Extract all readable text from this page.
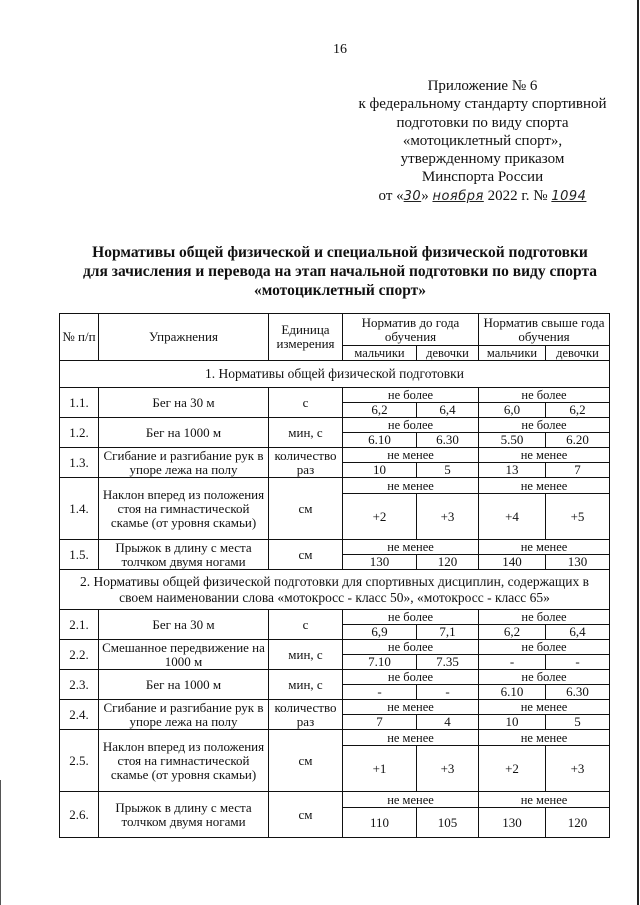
16
Приложение № 6
к федеральному стандарту спортивной
подготовки по виду спорта
«мотоциклетный спорт»,
утвержденному приказом
Минспорта России
от «30» ноября 2022 г. № 1094
Нормативы общей физической и специальной физической подготовки
для зачисления и перевода на этап начальной подготовки по виду спорта
«мотоциклетный спорт»
№ п/п	Упражнения	Единица измерения	Норматив до года обучения		Норматив свыше года обучения	
			мальчики	девочки	мальчики	девочки
1. Нормативы общей физической подготовки						
1.1.	Бег на 30 м	с	не более		не более	
			6,2	6,4	6,0	6,2
1.2.	Бег на 1000 м	мин, с	не более		не более	
			6.10	6.30	5.50	6.20
1.3.	Сгибание и разгибание рук в упоре лежа на полу	количество раз	не менее		не менее	
			10	5	13	7
1.4.	Наклон вперед из положения стоя на гимнастической скамье (от уровня скамьи)	см	не менее		не менее	
			+2	+3	+4	+5
1.5.	Прыжок в длину с места толчком двумя ногами	см	не менее		не менее	
			130	120	140	130
2. Нормативы общей физической подготовки для спортивных дисциплин, содержащих в своем наименовании слова «мотокросс - класс 50», «мотокросс - класс 65»						
2.1.	Бег на 30 м	с	не более		не более	
			6,9	7,1	6,2	6,4
2.2.	Смешанное передвижение на 1000 м	мин, с	не более		не более	
			7.10	7.35	-	-
2.3.	Бег на 1000 м	мин, с	не более		не более	
			-	-	6.10	6.30
2.4.	Сгибание и разгибание рук в упоре лежа на полу	количество раз	не менее		не менее	
			7	4	10	5
2.5.	Наклон вперед из положения стоя на гимнастической скамье (от уровня скамьи)	см	не менее		не менее	
			+1	+3	+2	+3
2.6.	Прыжок в длину с места толчком двумя ногами	см	не менее		не менее	
			110	105	130	120
